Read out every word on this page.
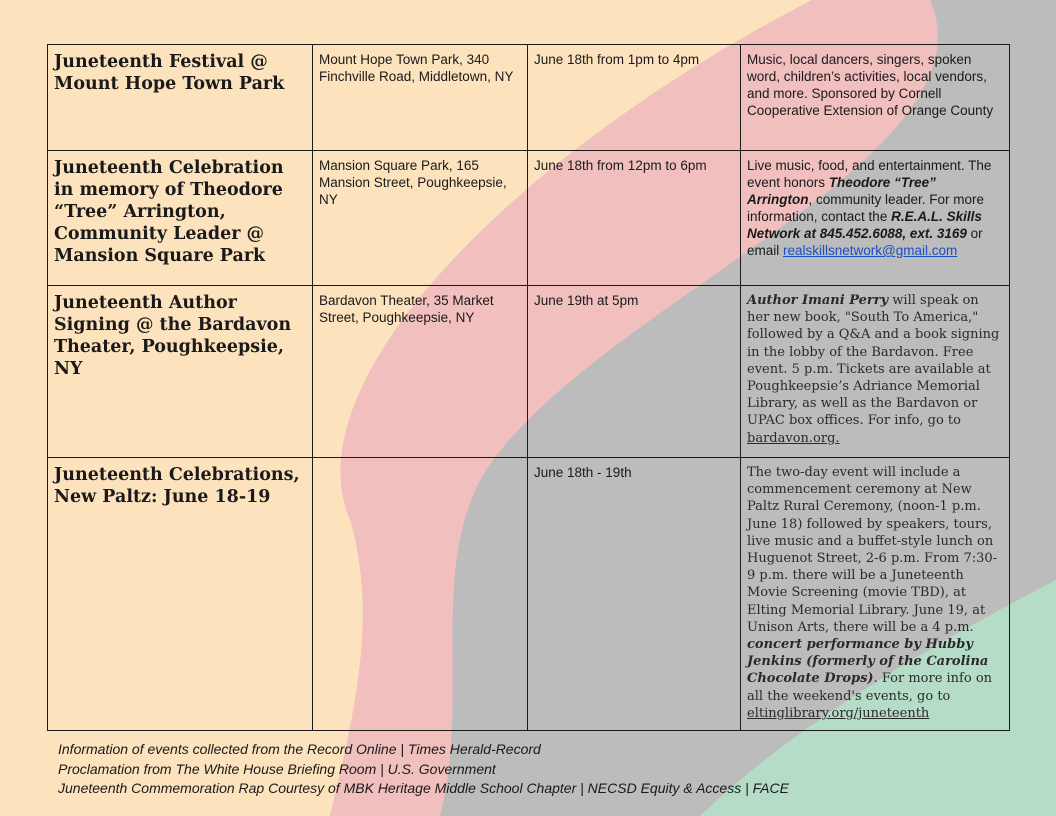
Juneteenth Festival @ Mount Hope Town Park	Mount Hope Town Park, 340 Finchville Road, Middletown, NY	June 18th from 1pm to 4pm	Music, local dancers, singers, spoken word, children’s activities, local vendors, and more. Sponsored by Cornell Cooperative Extension of Orange County
Juneteenth Celebration in memory of Theodore “Tree” Arrington, Community Leader @ Mansion Square Park	Mansion Square Park, 165 Mansion Street, Poughkeepsie, NY	June 18th from 12pm to 6pm	Live music, food, and entertainment. The event honors Theodore “Tree” Arrington, community leader. For more information, contact the R.E.A.L. Skills Network at 845.452.6088, ext. 3169 or email realskillsnetwork@gmail.com
Juneteenth Author Signing @ the Bardavon Theater, Poughkeepsie, NY	Bardavon Theater, 35 Market Street, Poughkeepsie, NY	June 19th at 5pm	Author Imani Perry will speak on her new book, "South To America," followed by a Q&A and a book signing in the lobby of the Bardavon. Free event. 5 p.m. Tickets are available at Poughkeepsie’s Adriance Memorial Library, as well as the Bardavon or UPAC box offices. For info, go to bardavon.org.
Juneteenth Celebrations, New Paltz: June 18-19		June 18th - 19th	The two-day event will include a commencement ceremony at New Paltz Rural Ceremony, (noon-1 p.m. June 18) followed by speakers, tours, live music and a buffet-style lunch on Huguenot Street, 2-6 p.m. From 7:30-9 p.m. there will be a Juneteenth Movie Screening (movie TBD), at Elting Memorial Library. June 19, at Unison Arts, there will be a 4 p.m. concert performance by Hubby Jenkins (formerly of the Carolina Chocolate Drops). For more info on all the weekend's events, go to eltinglibrary.org/juneteenth
Information of events collected from the Record Online | Times Herald-Record
Proclamation from The White House Briefing Room | U.S. Government
Juneteenth Commemoration Rap Courtesy of MBK Heritage Middle School Chapter | NECSD Equity & Access | FACE
